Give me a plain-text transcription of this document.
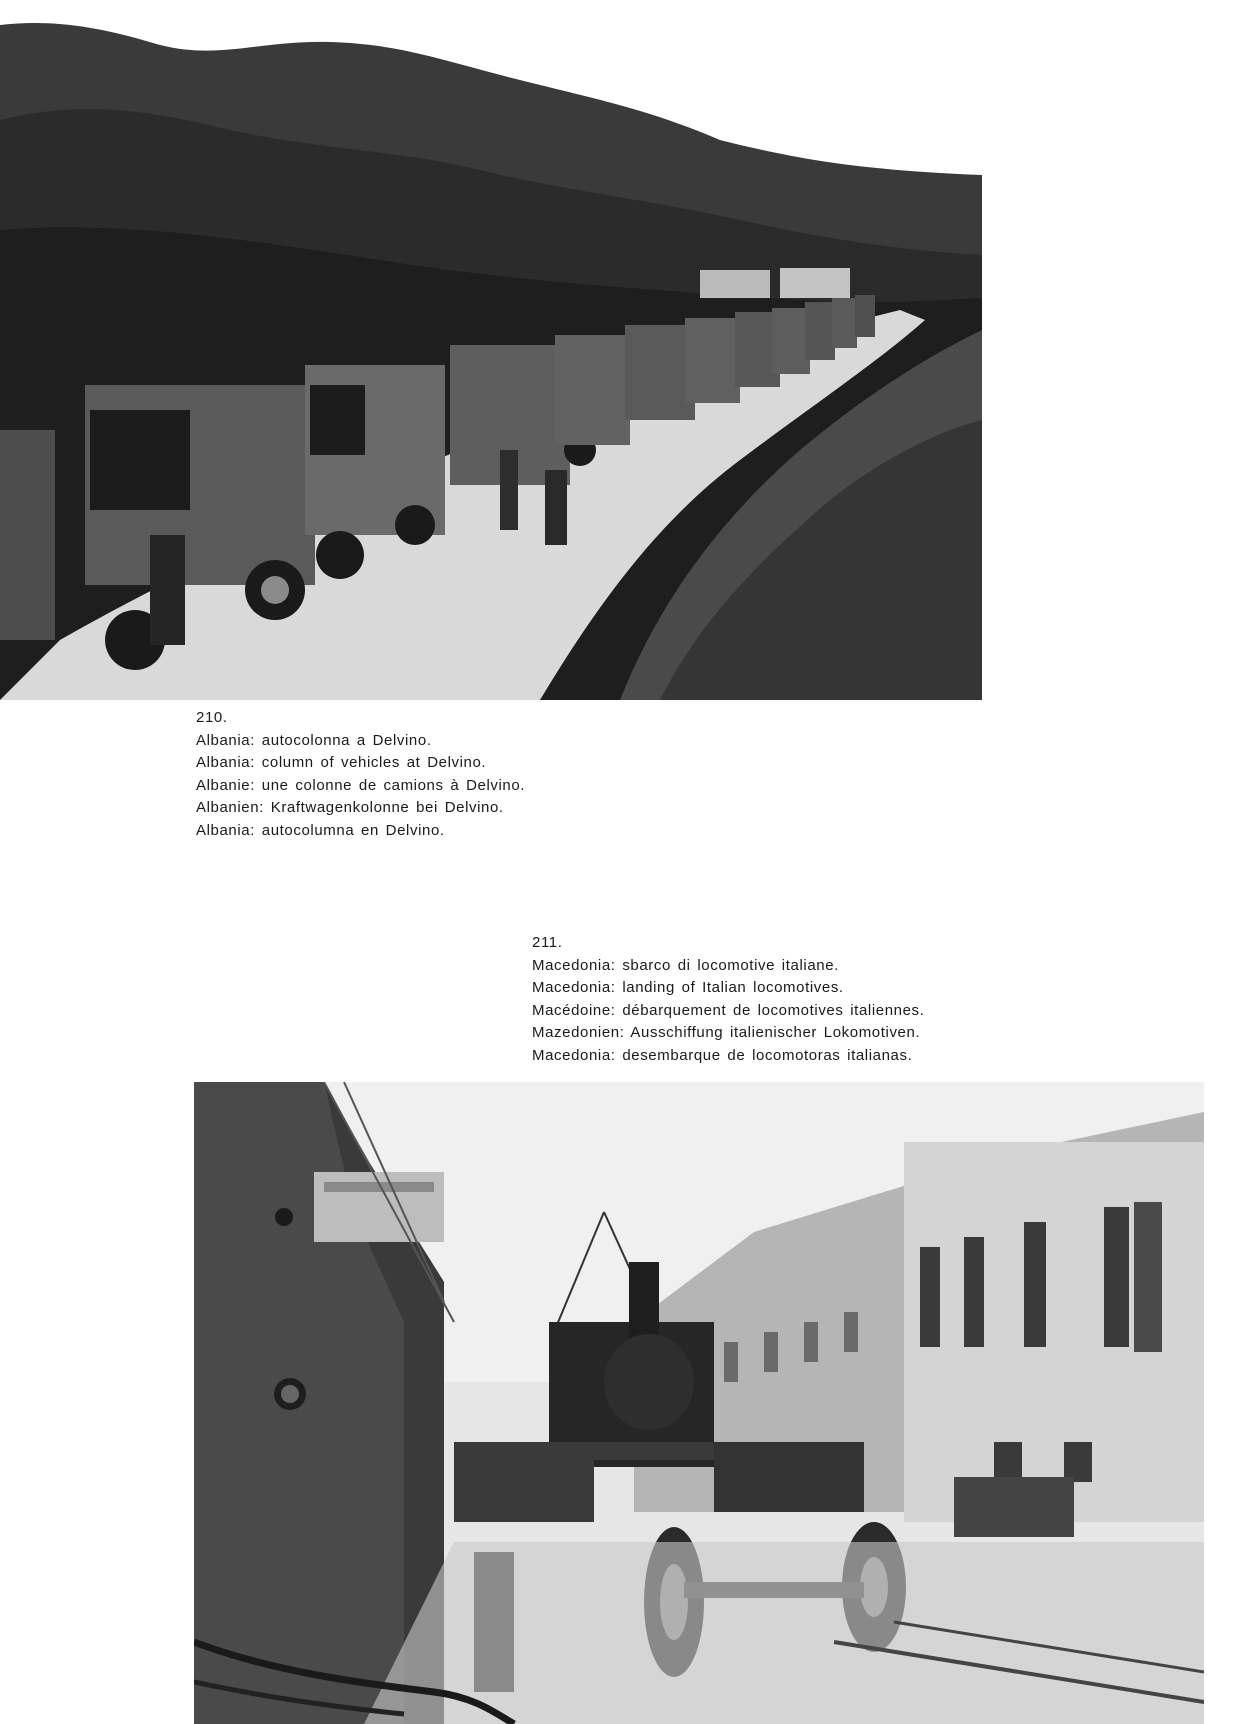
210.
Albania: autocolonna a Delvino.
Albania: column of vehicles at Delvino.
Albanie: une colonne de camions à Delvino.
Albanien: Kraftwagenkolonne bei Delvino.
Albania: autocolumna en Delvino.
211.
Macedonia: sbarco di locomotive italiane.
Macedonia: landing of Italian locomotives.
Macédoine: débarquement de locomotives italiennes.
Mazedonien: Ausschiffung italienischer Lokomotiven.
Macedonia: desembarque de locomotoras italianas.
